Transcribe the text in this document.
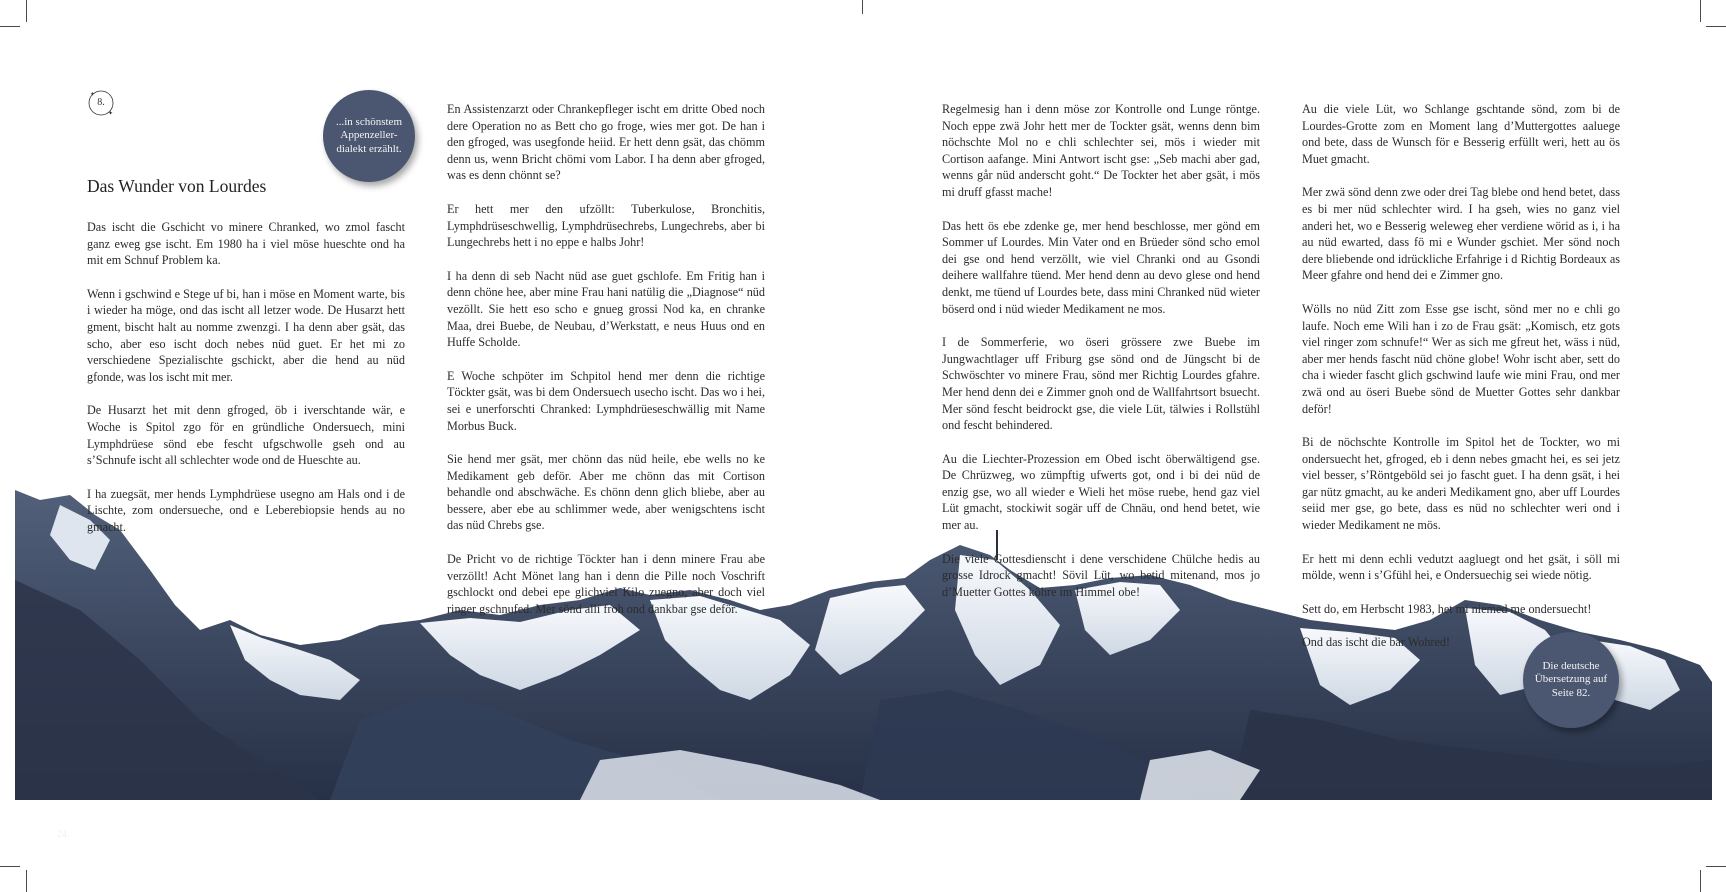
✦
✦
8.
Das Wunder von Lourdes
...in schönstem Appenzeller-dialekt erzählt.

Das ischt die Gschicht vo minere Chranked, wo zmol fascht ganz eweg gse ischt. Em 1980 ha i viel möse hueschte ond ha mit em Schnuf Problem ka.

Wenn i gschwind e Stege uf bi, han i möse en Moment warte, bis i wieder ha möge, ond das ischt all letzer wode. De Husarzt hett gment, bischt halt au nomme zwenzgi. I ha denn aber gsät, das scho, aber eso ischt doch nebes nüd guet. Er het mi zo verschiedene Spezialischte gschickt, aber die hend au nüd gfonde, was los ischt mit mer.

De Husarzt het mit denn gfroged, öb i iverschtande wär, e Woche is Spitol zgo för en gründliche Ondersuech, mini Lymphdrüese sönd ebe fescht ufgschwolle gseh ond au s’Schnufe ischt all schlechter wode ond de Hueschte au.

I ha zuegsät, mer hends Lymphdrüese usegno am Hals ond i de Lischte, zom ondersueche, ond e Leberebiopsie hends au no gmacht.

En Assistenzarzt oder Chrankepfleger ischt em dritte Obed noch dere Operation no as Bett cho go froge, wies mer got. De han i den gfroged, was usegfonde heiid. Er hett denn gsät, das chömm denn us, wenn Bricht chömi vom Labor. I ha denn aber gfroged, was es denn chönnt se?

Er hett mer den ufzöllt: Tuberkulose, Bronchitis, Lymphdrüseschwellig, Lymphdrüsechrebs, Lungechrebs, aber bi Lungechrebs hett i no eppe e halbs Johr!

I ha denn di seb Nacht nüd ase guet gschlofe. Em Fritig han i denn chöne hee, aber mine Frau hani natülig die „Diagnose“ nüd vezöllt. Sie hett eso scho e gnueg grossi Nod ka, en chranke Maa, drei Buebe, de Neubau, d’Werkstatt, e neus Huus ond en Huffe Scholde.

E Woche schpöter im Schpitol hend mer denn die richtige Töckter gsät, was bi dem Ondersuech usecho ischt. Das wo i hei, sei e unerforschti Chranked: Lymphdrüeseschwällig mit Name Morbus Buck.

Sie hend mer gsät, mer chönn das nüd heile, ebe wells no ke Medikament geb deför. Aber me chönn das mit Cortison behandle ond abschwäche. Es chönn denn glich bliebe, aber au bessere, aber ebe au schlimmer wede, aber wenigschtens ischt das nüd Chrebs gse.

De Pricht vo de richtige Töckter han i denn minere Frau abe verzöllt! Acht Mönet lang han i denn die Pille noch Voschrift gschlockt ond debei epe glichviel Kilo zuegno, aber doch viel ringer gschnufed. Mer sönd alli froh ond dankbar gse deför.

Regelmesig han i denn möse zor Kontrolle ond Lunge röntge. Noch eppe zwä Johr hett mer de Tockter gsät, wenns denn bim nöchschte Mol no e chli schlechter sei, mös i wieder mit Cortison aafange. Mini Antwort ischt gse: „Seb machi aber gad, wenns går nüd anderscht goht.“ De Tockter het aber gsät, i mös mi druff gfasst mache!

Das hett ös ebe zdenke ge, mer hend beschlosse, mer gönd em Sommer uf Lourdes. Min Vater ond en Brüeder sönd scho emol dei gse ond hend verzöllt, wie viel Chranki ond au Gsondi deihere wallfahre tüend. Mer hend denn au devo glese ond hend denkt, me tüend uf Lourdes bete, dass mini Chranked nüd wieter böserd ond i nüd wieder Medikament ne mos.

I de Sommerferie, wo öseri grössere zwe Buebe im Jungwachtlager uff Friburg gse sönd ond de Jüngscht bi de Schwöschter vo minere Frau, sönd mer Richtig Lourdes gfahre. Mer hend denn dei e Zimmer gnoh ond de Wallfahrtsort bsuecht. Mer sönd fescht beidrockt gse, die viele Lüt, tälwies i Rollstühl ond fescht behindered.

Au die Liechter-Prozession em Obed ischt öberwältigend gse. De Chrüzweg, wo zümpftig ufwerts got, ond i bi dei nüd de enzig gse, wo all wieder e Wieli het möse ruebe, hend gaz viel Lüt gmacht, stockiwit sogär uff de Chnäu, ond hend betet, wie mer au.

Die viele Gottesdienscht i dene verschidene Chülche hedis au grosse Idrock gmacht! Sövil Lüt, wo betid mitenand, mos jo d’Muetter Gottes köhre im Himmel obe!

Au die viele Lüt, wo Schlange gschtande sönd, zom bi de Lourdes-Grotte zom en Moment lang d’Muttergottes aaluege ond bete, dass de Wunsch för e Besserig erfüllt weri, hett au ös Muet gmacht.

Mer zwä sönd denn zwe oder drei Tag blebe ond hend betet, dass es bi mer nüd schlechter wird. I ha gseh, wies no ganz viel anderi het, wo e Besserig weleweg eher verdiene wörid as i, i ha au nüd ewarted, dass fö mi e Wunder gschiet. Mer sönd noch dere bliebende ond idrückliche Erfahrige i d Richtig Bordeaux as Meer gfahre ond hend dei e Zimmer gno.

Wölls no nüd Zitt zom Esse gse ischt, sönd mer no e chli go laufe. Noch eme Wili han i zo de Frau gsät: „Komisch, etz gots viel ringer zom schnufe!“ Wer as sich me gfreut het, wäss i nüd, aber mer hends fascht nüd chöne globe! Wohr ischt aber, sett do cha i wieder fascht glich gschwind laufe wie mini Frau, ond mer zwä ond au öseri Buebe sönd de Muetter Gottes sehr dankbar deför!

Bi de nöchschte Kontrolle im Spitol het de Tockter, wo mi ondersuecht het, gfroged, eb i denn nebes gmacht hei, es sei jetz viel besser, s’Röntgeböld sei jo fascht guet. I ha denn gsät, i hei gar nütz gmacht, au ke anderi Medikament gno, aber uff Lourdes seiid mer gse, go bete, dass es nüd no schlechter weri ond i wieder Medikament ne mös.

Er hett mi denn echli vedutzt aagluegt ond het gsät, i söll mi mölde, wenn i s’Gfühl hei, e Ondersuechig sei wiede nötig.

Sett do, em Herbscht 1983, het mi niemed me ondersuecht!

Ond das ischt die bar Wohred!

Die deutsche Übersetzung auf Seite 82.
24.
